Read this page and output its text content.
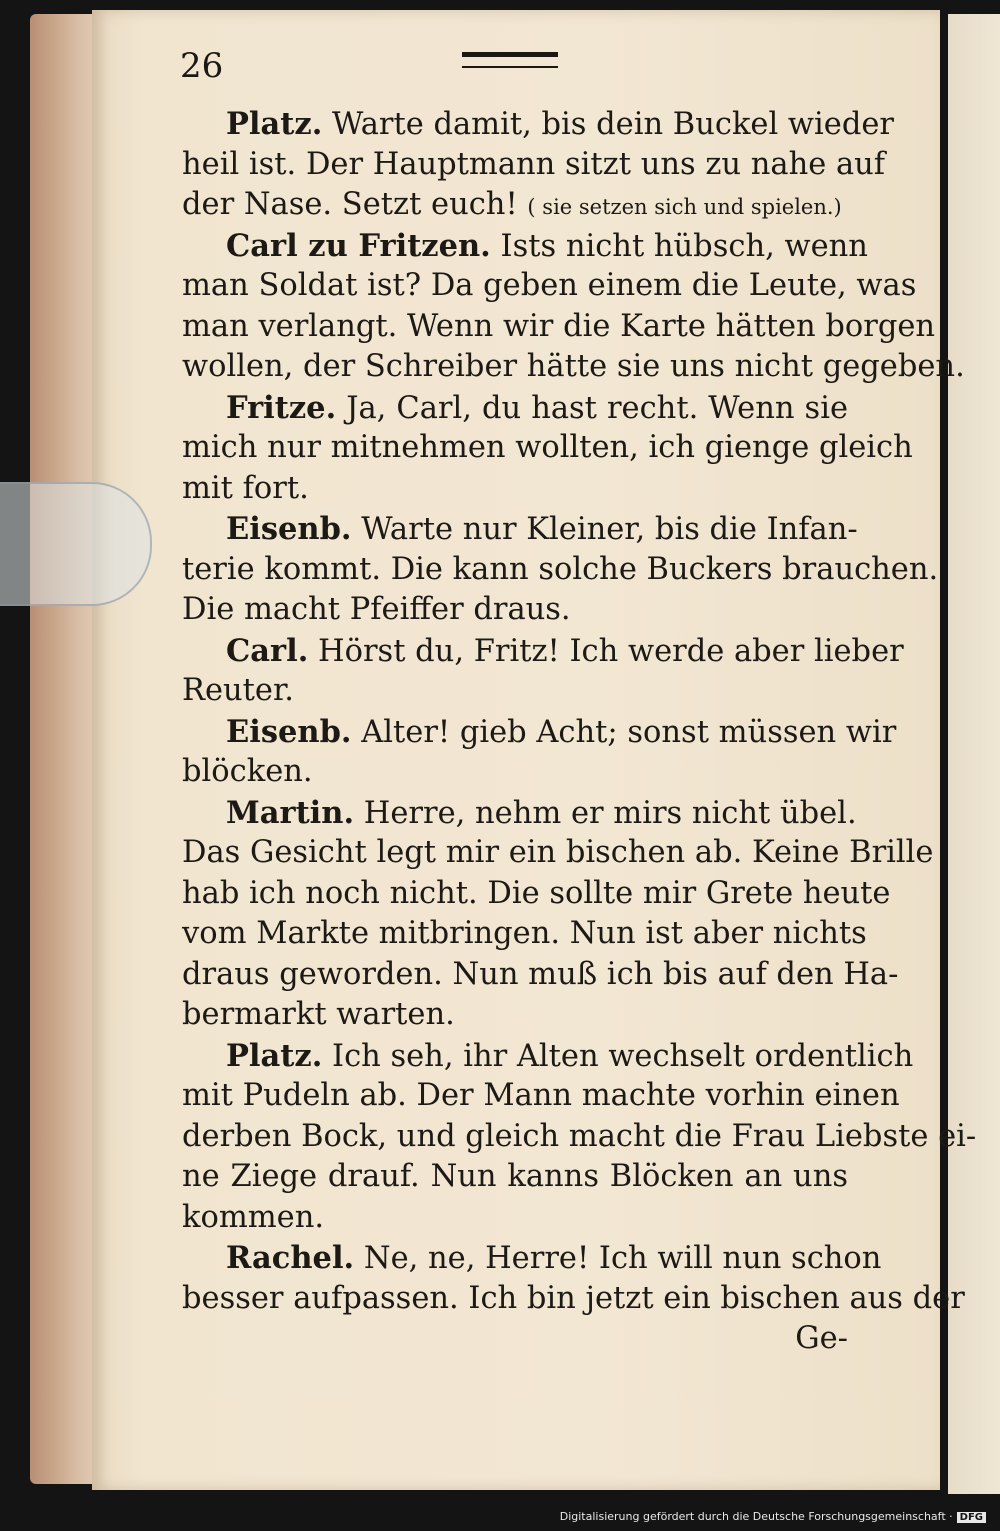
26
Platz. Warte damit, bis dein Buckel wieder
heil ist. Der Hauptmann sitzt uns zu nahe auf
der Nase. Setzt euch! ( sie setzen sich und spielen.)
Carl zu Fritzen. Ists nicht hübsch, wenn
man Soldat ist? Da geben einem die Leute, was
man verlangt. Wenn wir die Karte hätten borgen
wollen, der Schreiber hätte sie uns nicht gegeben.
Fritze. Ja, Carl, du hast recht. Wenn sie
mich nur mitnehmen wollten, ich gienge gleich
mit fort.
Eisenb. Warte nur Kleiner, bis die Infan-
terie kommt. Die kann solche Buckers brauchen.
Die macht Pfeiffer draus.
Carl. Hörst du, Fritz! Ich werde aber lieber
Reuter.
Eisenb. Alter! gieb Acht; sonst müssen wir
blöcken.
Martin. Herre, nehm er mirs nicht übel.
Das Gesicht legt mir ein bischen ab. Keine Brille
hab ich noch nicht. Die sollte mir Grete heute
vom Markte mitbringen. Nun ist aber nichts
draus geworden. Nun muß ich bis auf den Ha-
bermarkt warten.
Platz. Ich seh, ihr Alten wechselt ordentlich
mit Pudeln ab. Der Mann machte vorhin einen
derben Bock, und gleich macht die Frau Liebste ei-
ne Ziege drauf. Nun kanns Blöcken an uns
kommen.
Rachel. Ne, ne, Herre! Ich will nun schon
besser aufpassen. Ich bin jetzt ein bischen aus der
Ge-
Digitalisierung gefördert durch die Deutsche Forschungsgemeinschaft · DFG
